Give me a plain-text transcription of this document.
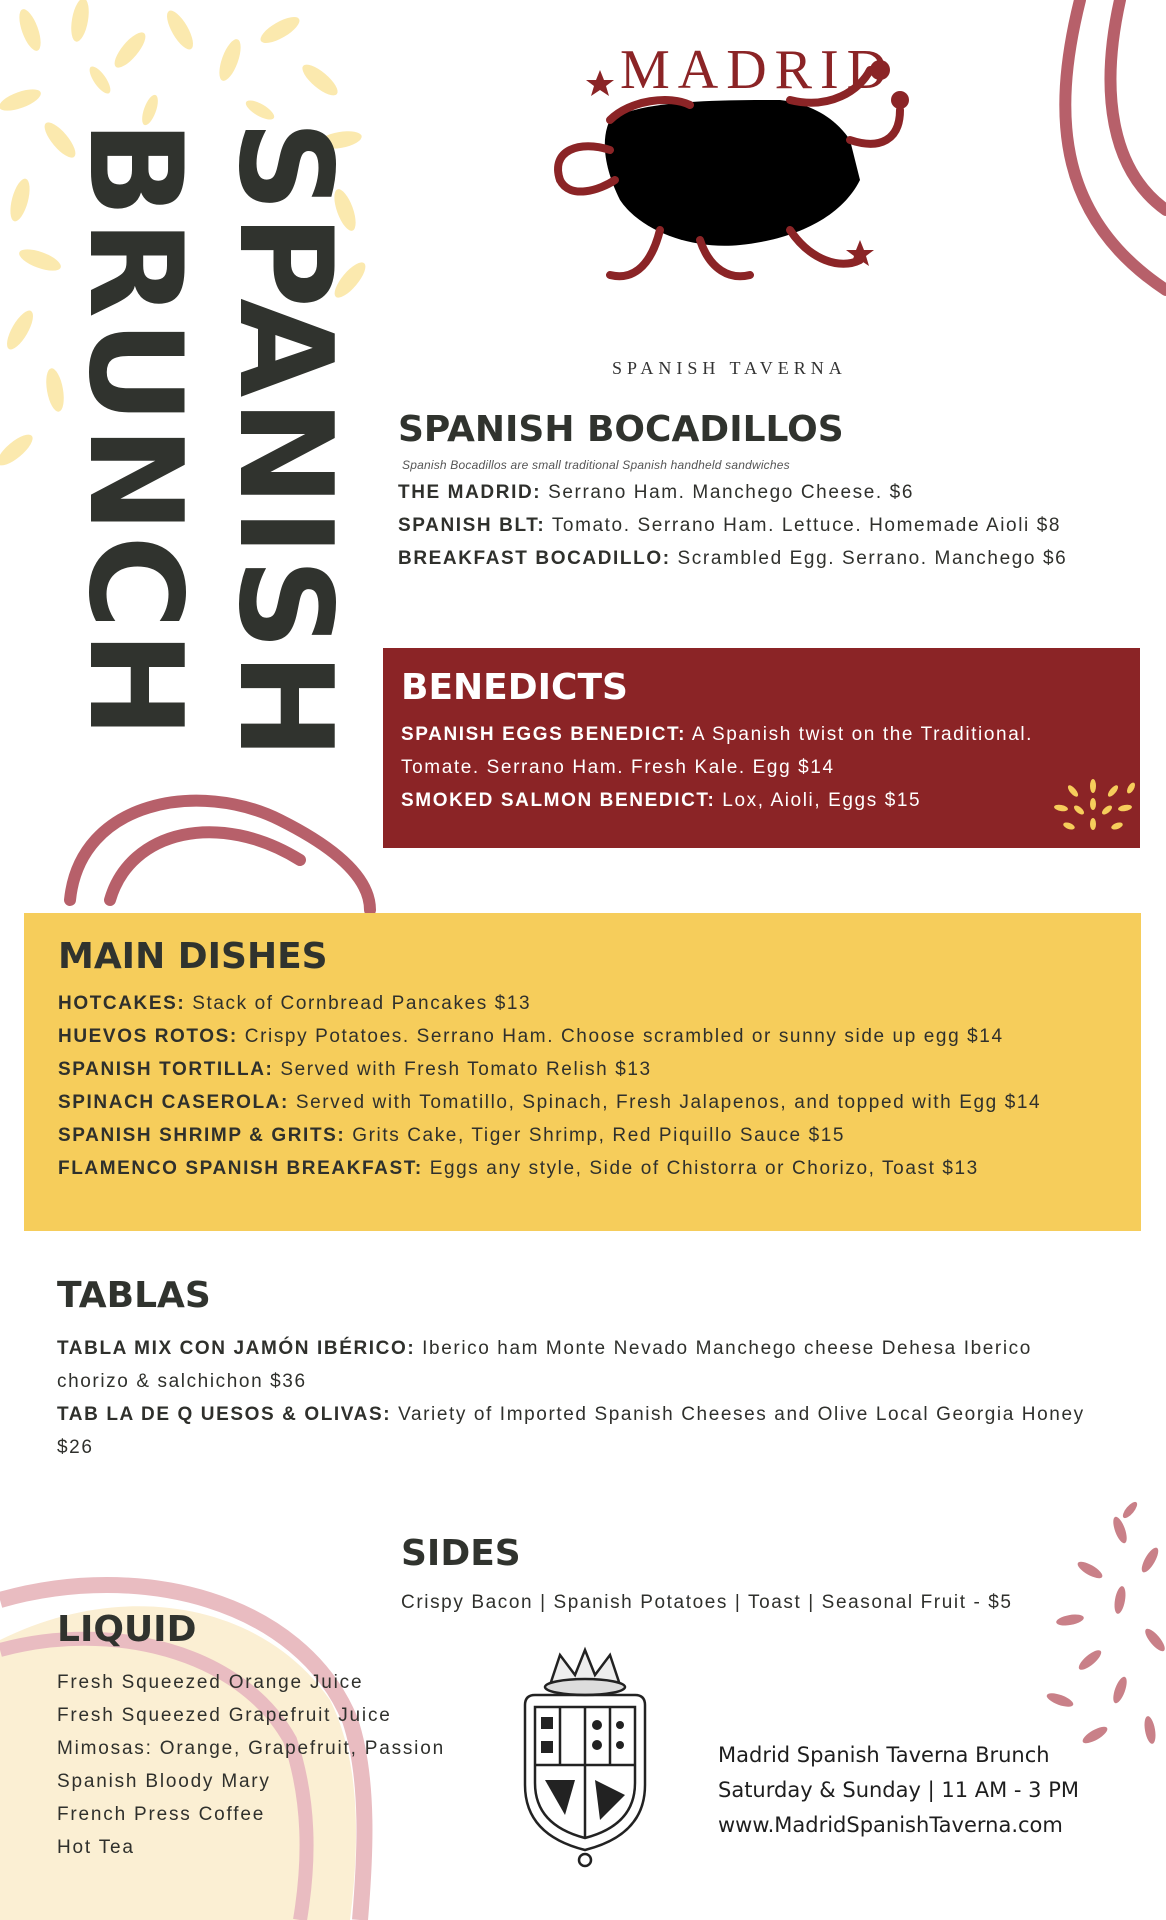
SPANISH
BRUNCH
MADRID
SPANISH TAVERNA
SPANISH BOCADILLOS
Spanish Bocadillos are small traditional Spanish handheld sandwiches

THE MADRID: Serrano Ham. Manchego Cheese. $6

SPANISH BLT: Tomato. Serrano Ham. Lettuce. Homemade Aioli $8

BREAKFAST BOCADILLO: Scrambled Egg. Serrano. Manchego $6

BENEDICTS

SPANISH EGGS BENEDICT: A Spanish twist on the Traditional. Tomate. Serrano Ham. Fresh Kale. Egg $14

SMOKED SALMON BENEDICT: Lox, Aioli, Eggs $15

MAIN DISHES

HOTCAKES: Stack of Cornbread Pancakes $13

HUEVOS ROTOS: Crispy Potatoes. Serrano Ham. Choose scrambled or sunny side up egg $14

SPANISH TORTILLA: Served with Fresh Tomato Relish $13

SPINACH CASEROLA: Served with Tomatillo, Spinach, Fresh Jalapenos, and topped with Egg $14

SPANISH SHRIMP & GRITS: Grits Cake, Tiger Shrimp, Red Piquillo Sauce $15

FLAMENCO SPANISH BREAKFAST: Eggs any style, Side of Chistorra or Chorizo, Toast $13

TABLAS

TABLA MIX CON JAMÓN IBÉRICO: Iberico ham Monte Nevado Manchego cheese Dehesa Iberico chorizo & salchichon $36

TAB LA DE Q UESOS & OLIVAS: Variety of Imported Spanish Cheeses and Olive Local Georgia Honey $26

SIDES

Crispy Bacon | Spanish Potatoes | Toast | Seasonal Fruit - $5

LIQUID

Fresh Squeezed Orange Juice

Fresh Squeezed Grapefruit Juice

Mimosas: Orange, Grapefruit, Passion

Spanish Bloody Mary

French Press Coffee

Hot Tea

Madrid Spanish Taverna Brunch
Saturday & Sunday | 11 AM - 3 PM
www.MadridSpanishTaverna.com
